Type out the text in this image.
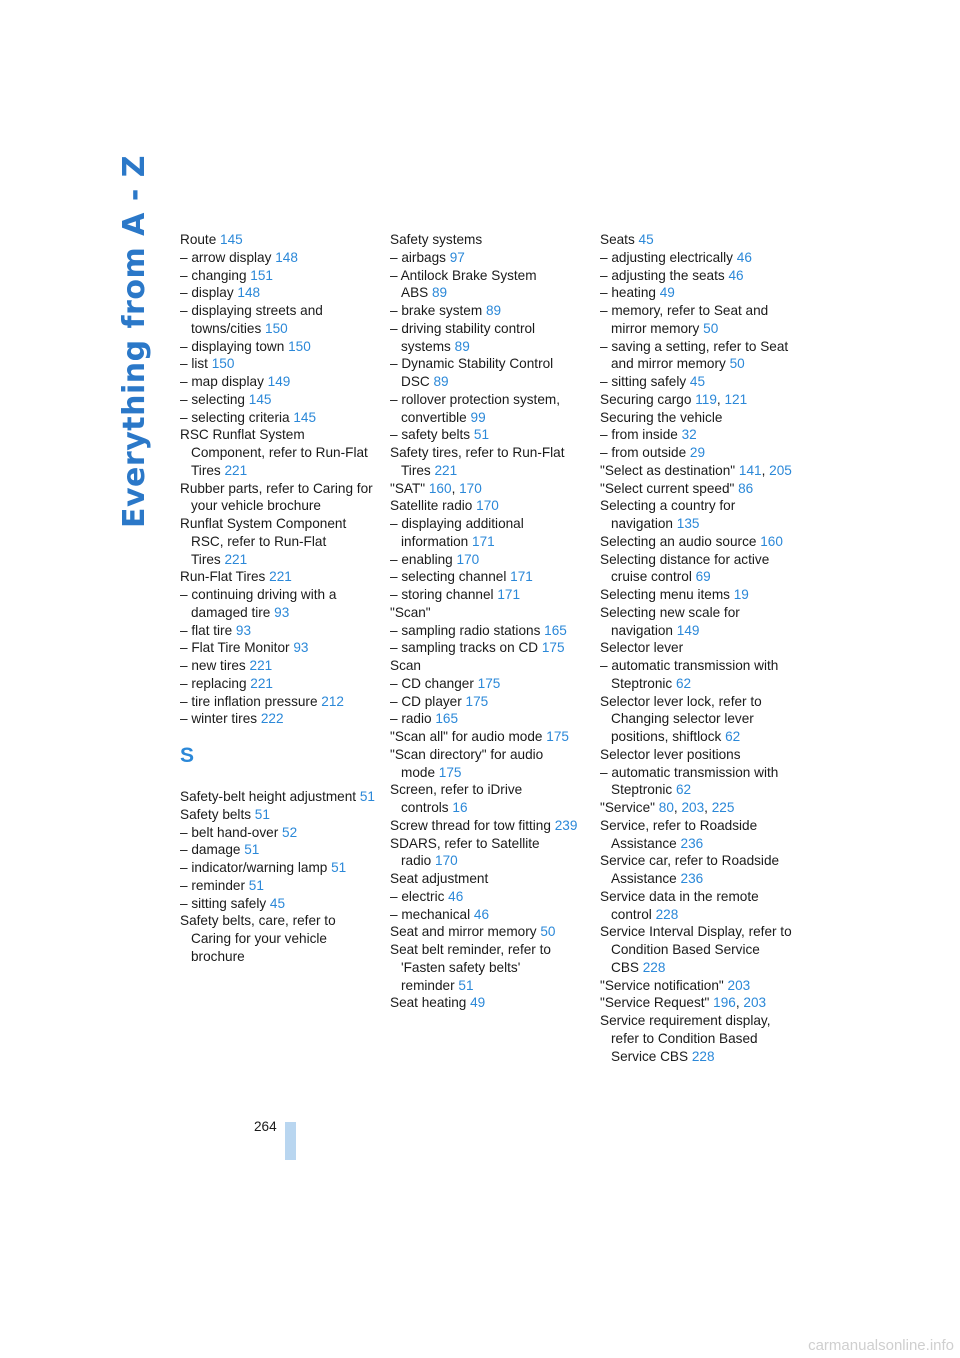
Everything from A - Z Route 145
– arrow display 148
– changing 151
– display 148
– displaying streets and towns/cities 150
– displaying town 150
– list 150
– map display 149
– selecting 145
– selecting criteria 145
RSC Runflat System Component, refer to Run-Flat Tires 221
Rubber parts, refer to Caring for your vehicle brochure
Runflat System Component RSC, refer to Run-Flat Tires 221
Run-Flat Tires 221
– continuing driving with a damaged tire 93
– flat tire 93
– Flat Tire Monitor 93
– new tires 221
– replacing 221
– tire inflation pressure 212
– winter tires 222
S
Safety-belt height adjustment 51
Safety belts 51
– belt hand-over 52
– damage 51
– indicator/warning lamp 51
– reminder 51
– sitting safely 45
Safety belts, care, refer to Caring for your vehicle brochure
Safety systems
– airbags 97
– Antilock Brake System ABS 89
– brake system 89
– driving stability control systems 89
– Dynamic Stability Control DSC 89
– rollover protection system, convertible 99
– safety belts 51
Safety tires, refer to Run-Flat Tires 221
"SAT" 160, 170
Satellite radio 170
– displaying additional information 171
– enabling 170
– selecting channel 171
– storing channel 171
"Scan"
– sampling radio stations 165
– sampling tracks on CD 175
Scan
– CD changer 175
– CD player 175
– radio 165
"Scan all" for audio mode 175
"Scan directory" for audio mode 175
Screen, refer to iDrive controls 16
Screw thread for tow fitting 239
SDARS, refer to Satellite radio 170
Seat adjustment
– electric 46
– mechanical 46
Seat and mirror memory 50
Seat belt reminder, refer to 'Fasten safety belts' reminder 51
Seat heating 49
Seats 45
– adjusting electrically 46
– adjusting the seats 46
– heating 49
– memory, refer to Seat and mirror memory 50
– saving a setting, refer to Seat and mirror memory 50
– sitting safely 45
Securing cargo 119, 121
Securing the vehicle
– from inside 32
– from outside 29
"Select as destination" 141, 205
"Select current speed" 86
Selecting a country for navigation 135
Selecting an audio source 160
Selecting distance for active cruise control 69
Selecting menu items 19
Selecting new scale for navigation 149
Selector lever
– automatic transmission with Steptronic 62
Selector lever lock, refer to Changing selector lever positions, shiftlock 62
Selector lever positions
– automatic transmission with Steptronic 62
"Service" 80, 203, 225
Service, refer to Roadside Assistance 236
Service car, refer to Roadside Assistance 236
Service data in the remote control 228
Service Interval Display, refer to Condition Based Service CBS 228
"Service notification" 203
"Service Request" 196, 203
Service requirement display, refer to Condition Based Service CBS 228
264
carmanualsonline.info
